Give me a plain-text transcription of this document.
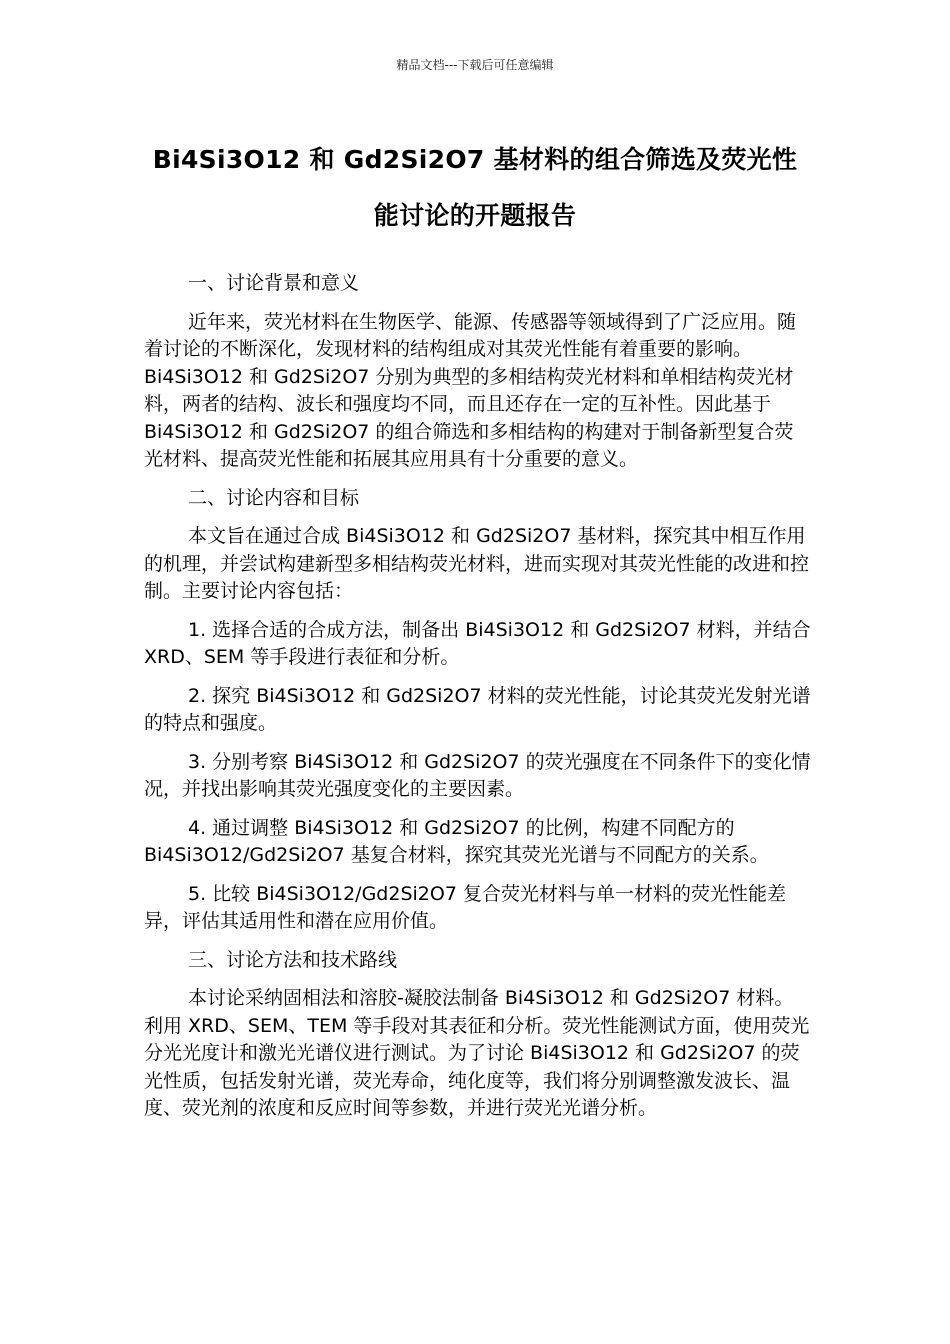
精品文档---下载后可任意编辑
Bi4Si3O12 和 Gd2Si2O7 基材料的组合筛选及荧光性
能讨论的开题报告

一、讨论背景和意义

近年来，荧光材料在生物医学、能源、传感器等领域得到了广泛应用。随着讨论的不断深化，发现材料的结构组成对其荧光性能有着重要的影响。Bi4Si3O12 和 Gd2Si2O7 分别为典型的多相结构荧光材料和单相结构荧光材料，两者的结构、波长和强度均不同，而且还存在一定的互补性。因此基于 Bi4Si3O12 和 Gd2Si2O7 的组合筛选和多相结构的构建对于制备新型复合荧光材料、提高荧光性能和拓展其应用具有十分重要的意义。

二、讨论内容和目标

本文旨在通过合成 Bi4Si3O12 和 Gd2Si2O7 基材料，探究其中相互作用的机理，并尝试构建新型多相结构荧光材料，进而实现对其荧光性能的改进和控制。主要讨论内容包括：

1. 选择合适的合成方法，制备出 Bi4Si3O12 和 Gd2Si2O7 材料，并结合 XRD、SEM 等手段进行表征和分析。

2. 探究 Bi4Si3O12 和 Gd2Si2O7 材料的荧光性能，讨论其荧光发射光谱的特点和强度。

3. 分别考察 Bi4Si3O12 和 Gd2Si2O7 的荧光强度在不同条件下的变化情况，并找出影响其荧光强度变化的主要因素。

4. 通过调整 Bi4Si3O12 和 Gd2Si2O7 的比例，构建不同配方的 Bi4Si3O12/Gd2Si2O7 基复合材料，探究其荧光光谱与不同配方的关系。

5. 比较 Bi4Si3O12/Gd2Si2O7 复合荧光材料与单一材料的荧光性能差异，评估其适用性和潜在应用价值。

三、讨论方法和技术路线

本讨论采纳固相法和溶胶-凝胶法制备 Bi4Si3O12 和 Gd2Si2O7 材料。利用 XRD、SEM、TEM 等手段对其表征和分析。荧光性能测试方面，使用荧光分光光度计和激光光谱仪进行测试。为了讨论 Bi4Si3O12 和 Gd2Si2O7 的荧光性质，包括发射光谱，荧光寿命，纯化度等，我们将分别调整激发波长、温度、荧光剂的浓度和反应时间等参数，并进行荧光光谱分析。
